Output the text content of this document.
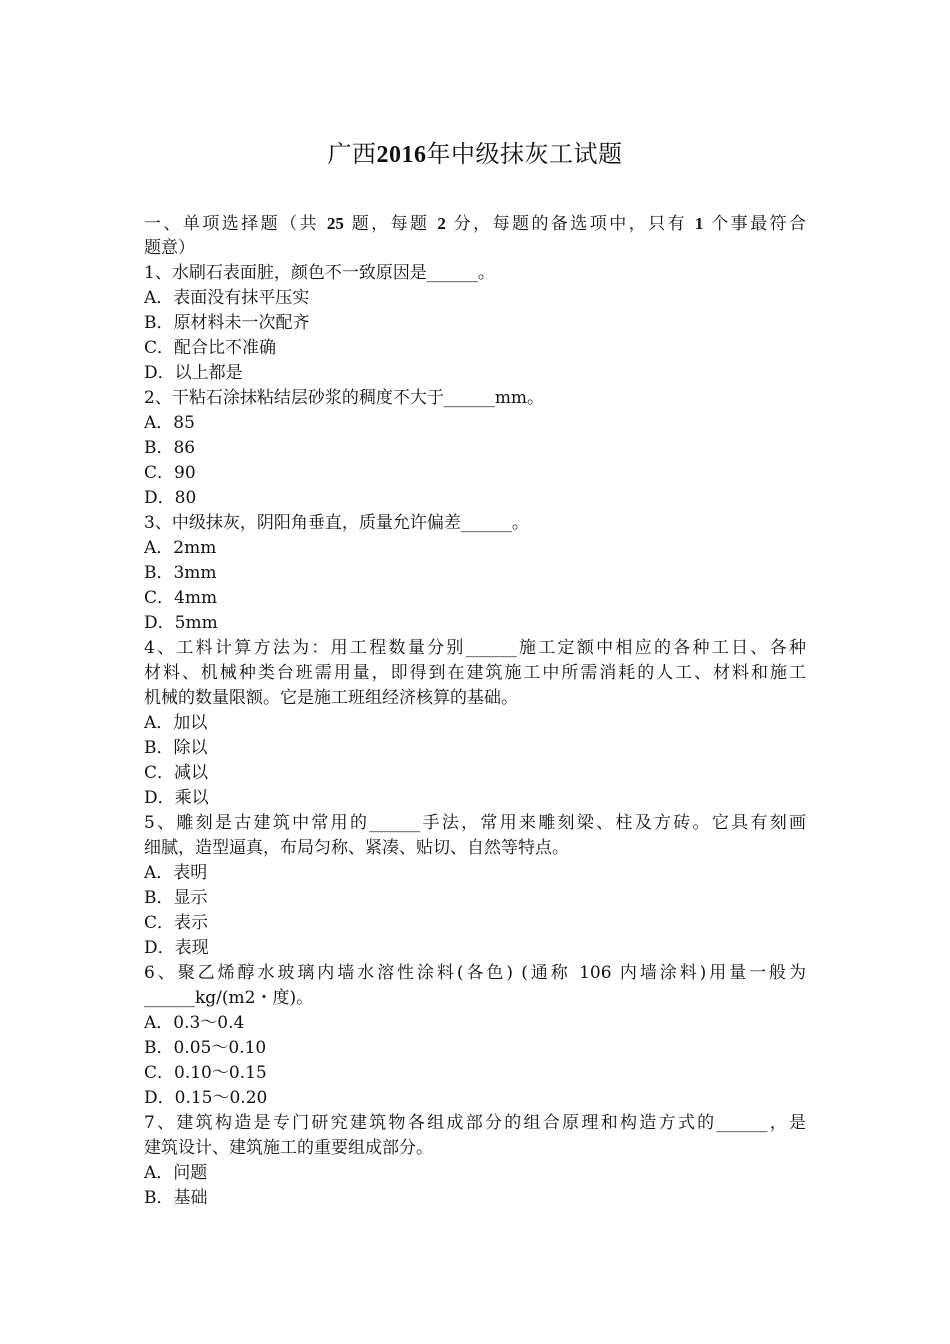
广西2016年中级抹灰工试题
一、单项选择题（共 25 题，每题 2 分，每题的备选项中，只有 1 个事最符合
题意）
1、水刷石表面脏，颜色不一致原因是______。
A．表面没有抹平压实
B．原材料未一次配齐
C．配合比不准确
D．以上都是
2、干粘石涂抹粘结层砂浆的稠度不大于______mm。
A．85
B．86
C．90
D．80
3、中级抹灰，阴阳角垂直，质量允许偏差______。
A．2mm
B．3mm
C．4mm
D．5mm
4、工料计算方法为：用工程数量分别______施工定额中相应的各种工日、各种
材料、机械种类台班需用量，即得到在建筑施工中所需消耗的人工、材料和施工
机械的数量限额。它是施工班组经济核算的基础。
A．加以
B．除以
C．减以
D．乘以
5、雕刻是古建筑中常用的______手法，常用来雕刻梁、柱及方砖。它具有刻画
细腻，造型逼真，布局匀称、紧凑、贴切、自然等特点。
A．表明
B．显示
C．表示
D．表现
6、聚乙烯醇水玻璃内墙水溶性涂料(各色) (通称 106 内墙涂料)用量一般为
______kg/(m2・度)。
A．0.3～0.4
B．0.05～0.10
C．0.10～0.15
D．0.15～0.20
7、建筑构造是专门研究建筑物各组成部分的组合原理和构造方式的______，是
建筑设计、建筑施工的重要组成部分。
A．问题
B．基础
